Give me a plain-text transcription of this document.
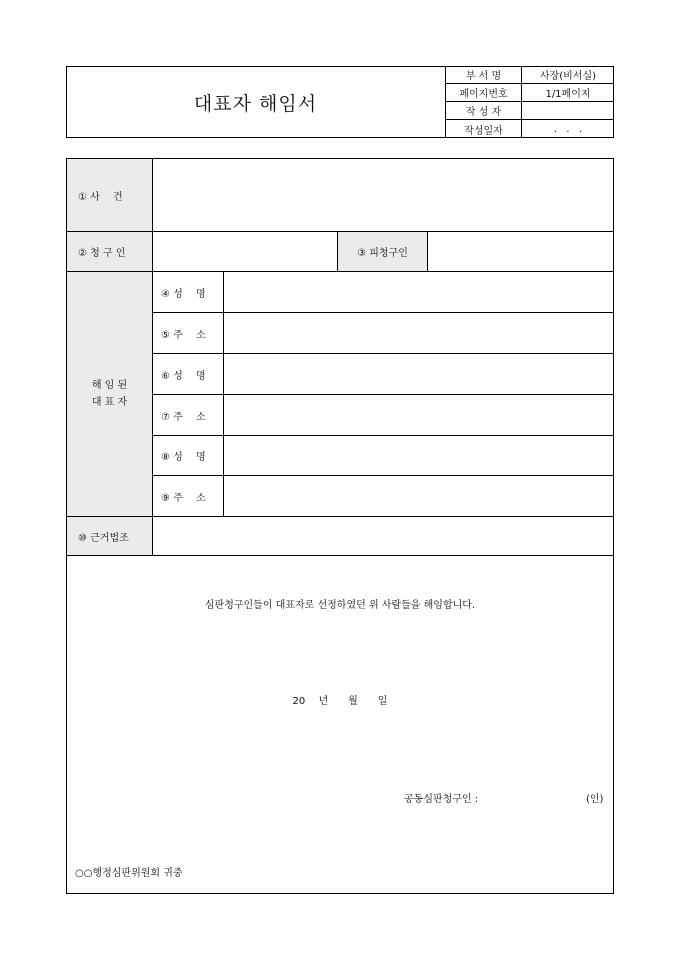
대표자 해임서
부 서 명	사장(비서실)
페이지번호	1/1페이지
작 성 자
작성일자	.   .   .
① 사　 건
② 청 구 인	③ 피청구인
해 임 된
대 표 자
④ 성　 명
⑤ 주　 소
⑥ 성　 명
⑦ 주　 소
⑧ 성　 명
⑨ 주　 소
⑩ 근거법조
심판청구인들이 대표자로 선정하였던 위 사람들을 해임합니다.
20　 년　　월　　일
공동심판청구인 :	(인)
○○행정심판위원회 귀중
